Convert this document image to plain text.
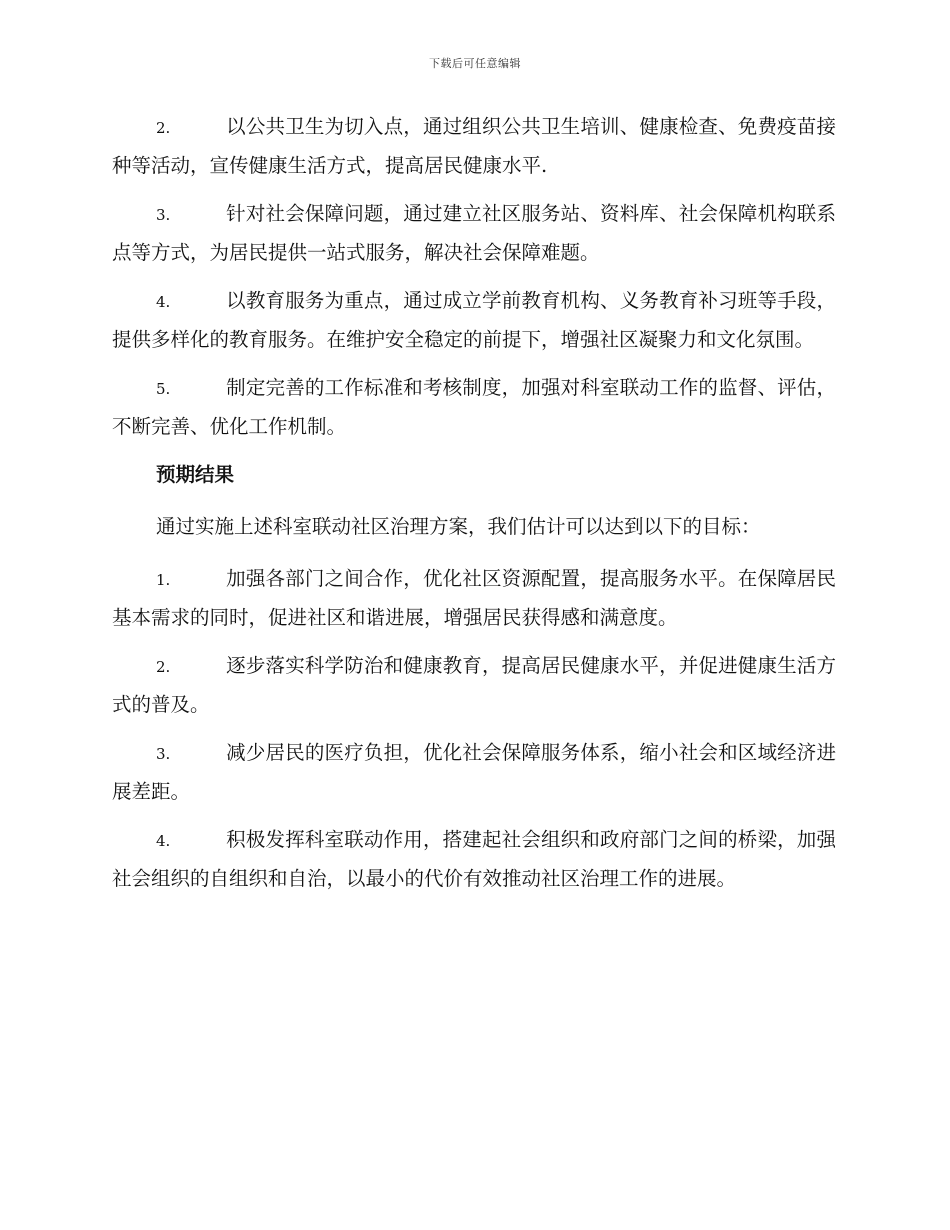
下载后可任意编辑

2.	以公共卫生为切入点，通过组织公共卫生培训、健康检查、免费疫苗接种等活动，宣传健康生活方式，提高居民健康水平.

3.	针对社会保障问题，通过建立社区服务站、资料库、社会保障机构联系点等方式，为居民提供一站式服务，解决社会保障难题。

4.	以教育服务为重点，通过成立学前教育机构、义务教育补习班等手段，提供多样化的教育服务。在维护安全稳定的前提下，增强社区凝聚力和文化氛围。

5.	制定完善的工作标准和考核制度，加强对科室联动工作的监督、评估，不断完善、优化工作机制。

预期结果

通过实施上述科室联动社区治理方案，我们估计可以达到以下的目标：

1.	加强各部门之间合作，优化社区资源配置，提高服务水平。在保障居民基本需求的同时，促进社区和谐进展，增强居民获得感和满意度。

2.	逐步落实科学防治和健康教育，提高居民健康水平，并促进健康生活方式的普及。

3.	减少居民的医疗负担，优化社会保障服务体系，缩小社会和区域经济进展差距。

4.	积极发挥科室联动作用，搭建起社会组织和政府部门之间的桥梁，加强社会组织的自组织和自治，以最小的代价有效推动社区治理工作的进展。
